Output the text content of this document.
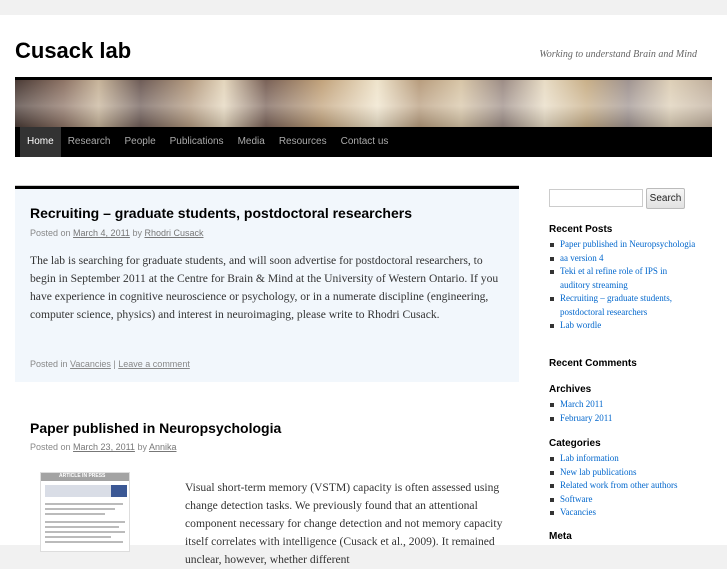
Cusack lab	Working to understand Brain and Mind
Home	Research	People	Publications	Media	Resources	Contact us
Recruiting – graduate students, postdoctoral researchers
Posted on March 4, 2011 by Rhodri Cusack
The lab is searching for graduate students, and will soon advertise for postdoctoral researchers, to begin in September 2011 at the Centre for Brain & Mind at the University of Western Ontario. If you have experience in cognitive neuroscience or psychology, or in a numerate discipline (engineering, computer science, physics) and interest in neuroimaging, please write to Rhodri Cusack.
Posted in Vacancies | Leave a comment
Paper published in Neuropsychologia
Posted on March 23, 2011 by Annika
ARTICLE IN PRESS
Visual short-term memory (VSTM) capacity is often assessed using change detection tasks. We previously found that an attentional component necessary for change detection and not memory capacity itself correlates with intelligence (Cusack et al., 2009). It remained unclear, however, whether different
Search
Recent Posts
Paper published in Neuropsychologia
aa version 4
Teki et al refine role of IPS in auditory streaming
Recruiting – graduate students, postdoctoral researchers
Lab wordle
Recent Comments
Archives
March 2011
February 2011
Categories
Lab information
New lab publications
Related work from other authors
Software
Vacancies
Meta
